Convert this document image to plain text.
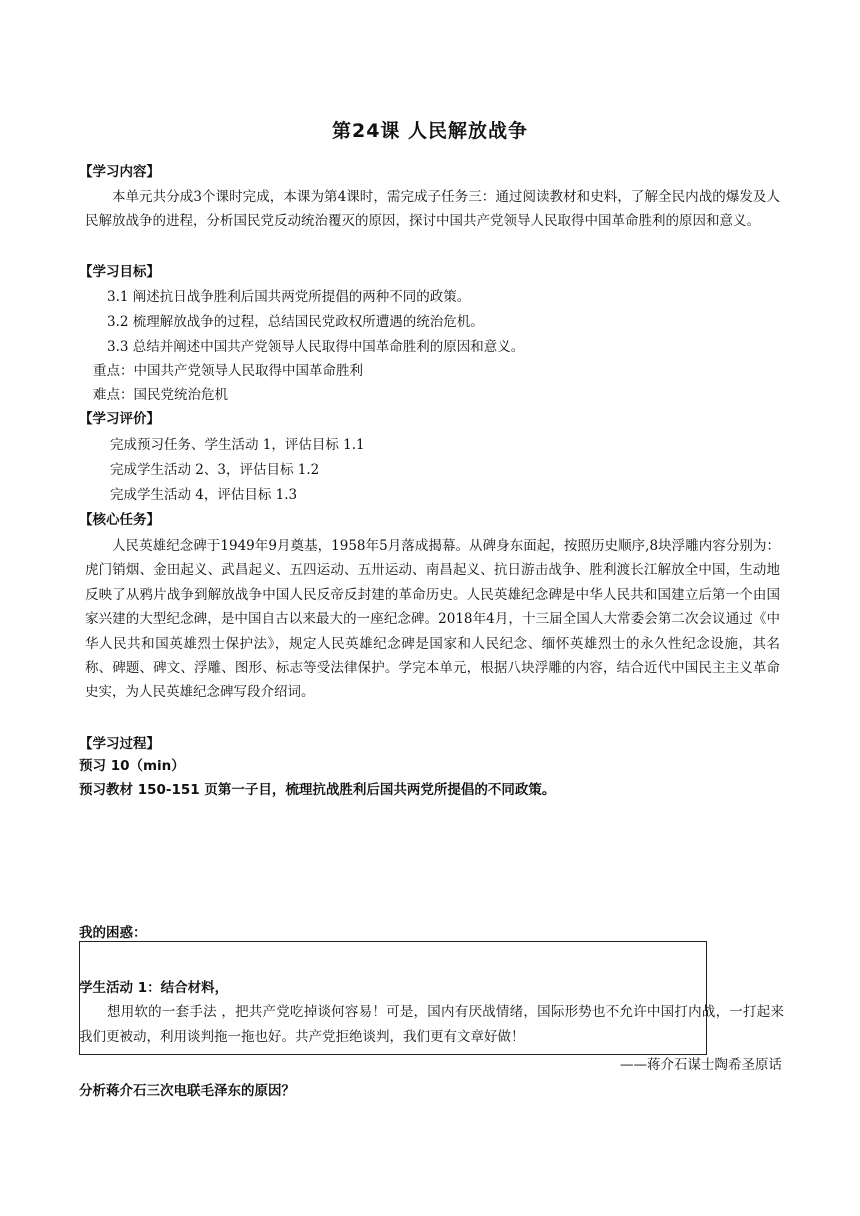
第24课 人民解放战争
【学习内容】
本单元共分成3个课时完成，本课为第4课时，需完成子任务三：通过阅读教材和史料，了解全民内战的爆发及人民解放战争的进程，分析国民党反动统治覆灭的原因，探讨中国共产党领导人民取得中国革命胜利的原因和意义。
【学习目标】
3.1 阐述抗日战争胜利后国共两党所提倡的两种不同的政策。
3.2 梳理解放战争的过程，总结国民党政权所遭遇的统治危机。
3.3 总结并阐述中国共产党领导人民取得中国革命胜利的原因和意义。
重点：中国共产党领导人民取得中国革命胜利
难点：国民党统治危机
【学习评价】
完成预习任务、学生活动 1，评估目标 1.1
完成学生活动 2、3，评估目标 1.2
完成学生活动 4，评估目标 1.3
【核心任务】
人民英雄纪念碑于1949年9月奠基，1958年5月落成揭幕。从碑身东面起，按照历史顺序,8块浮雕内容分别为：虎门销烟、金田起义、武昌起义、五四运动、五卅运动、南昌起义、抗日游击战争、胜利渡长江解放全中国，生动地反映了从鸦片战争到解放战争中国人民反帝反封建的革命历史。人民英雄纪念碑是中华人民共和国建立后第一个由国家兴建的大型纪念碑，是中国自古以来最大的一座纪念碑。2018年4月，十三届全国人大常委会第二次会议通过《中华人民共和国英雄烈士保护法》，规定人民英雄纪念碑是国家和人民纪念、缅怀英雄烈士的永久性纪念设施，其名称、碑题、碑文、浮雕、图形、标志等受法律保护。学完本单元，根据八块浮雕的内容，结合近代中国民主主义革命史实，为人民英雄纪念碑写段介绍词。
【学习过程】
预习 10（min）
预习教材 150-151 页第一子目，梳理抗战胜利后国共两党所提倡的不同政策。
我的困惑：
学生活动 1：结合材料，
想用软的一套手法 ，把共产党吃掉谈何容易！可是，国内有厌战情绪，国际形势也不允许中国打内战，一打起来我们更被动，利用谈判拖一拖也好。共产党拒绝谈判，我们更有文章好做！
——蒋介石谋士陶希圣原话
分析蒋介石三次电联毛泽东的原因？
